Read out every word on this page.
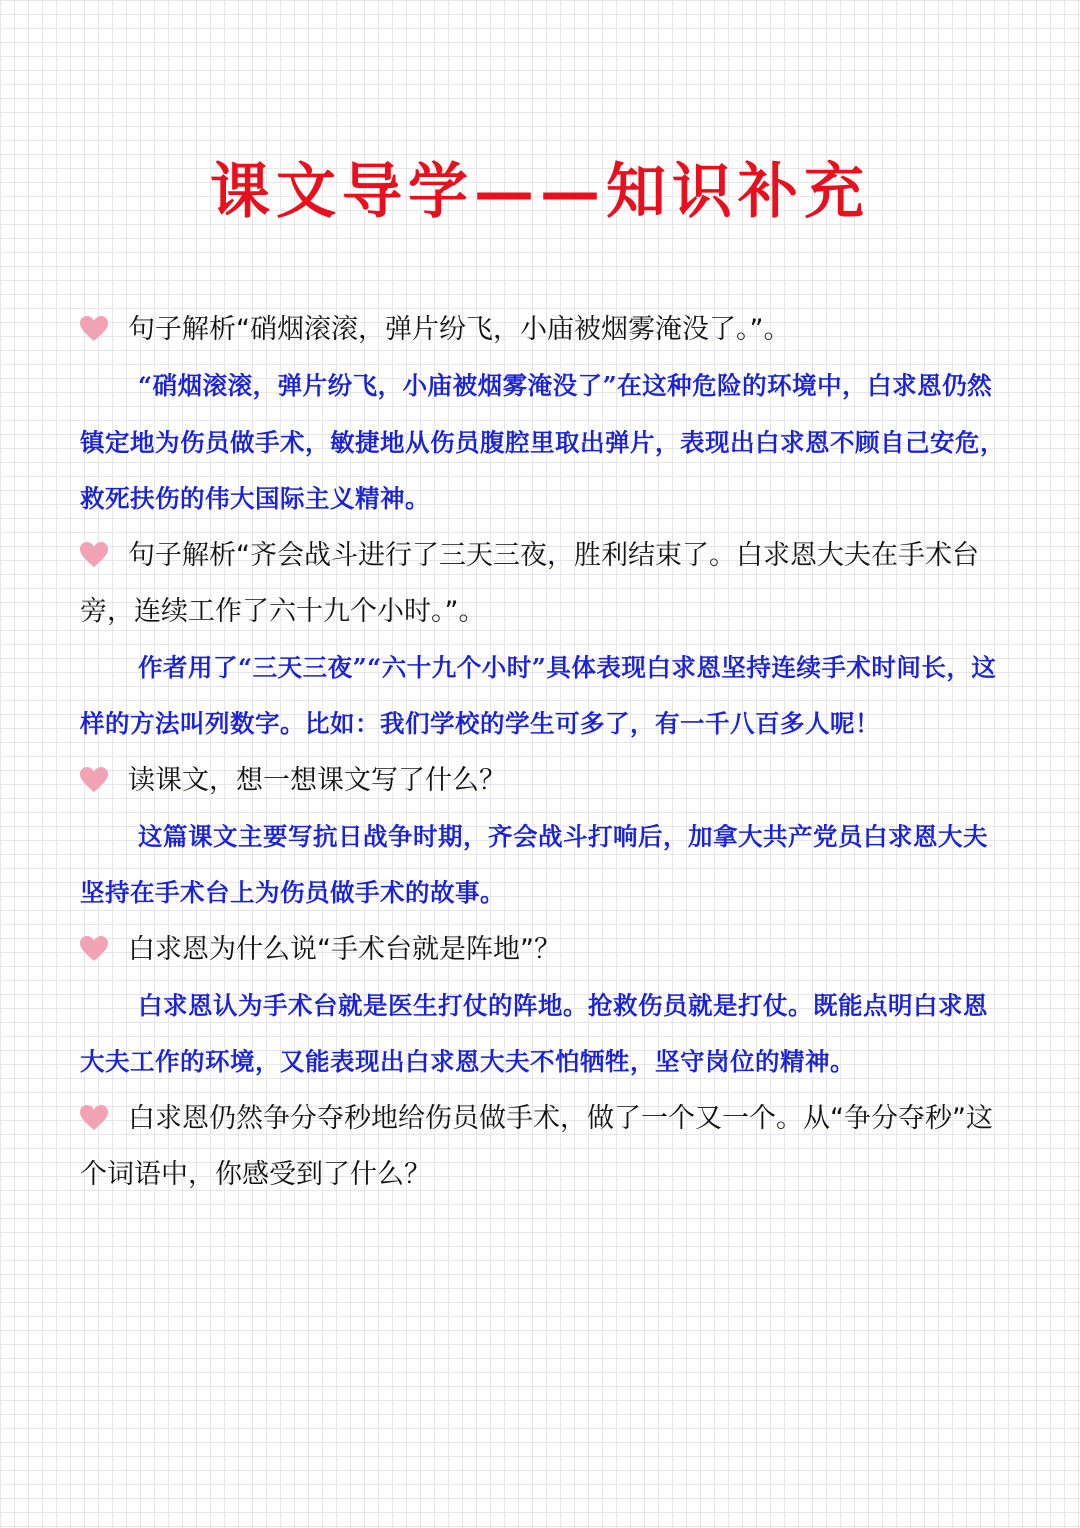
课文导学——知识补充

句子解析“硝烟滚滚，弹片纷飞，小庙被烟雾淹没了。”。

“硝烟滚滚，弹片纷飞，小庙被烟雾淹没了”在这种危险的环境中，白求恩仍然镇定地为伤员做手术，敏捷地从伤员腹腔里取出弹片，表现出白求恩不顾自己安危，救死扶伤的伟大国际主义精神。

句子解析“齐会战斗进行了三天三夜，胜利结束了。白求恩大夫在手术台旁，连续工作了六十九个小时。”。

作者用了“三天三夜”“六十九个小时”具体表现白求恩坚持连续手术时间长，这样的方法叫列数字。比如：我们学校的学生可多了，有一千八百多人呢！

读课文，想一想课文写了什么？

这篇课文主要写抗日战争时期，齐会战斗打响后，加拿大共产党员白求恩大夫坚持在手术台上为伤员做手术的故事。

白求恩为什么说“手术台就是阵地”？

白求恩认为手术台就是医生打仗的阵地。抢救伤员就是打仗。既能点明白求恩大夫工作的环境，又能表现出白求恩大夫不怕牺牲，坚守岗位的精神。

白求恩仍然争分夺秒地给伤员做手术，做了一个又一个。从“争分夺秒”这个词语中，你感受到了什么？
